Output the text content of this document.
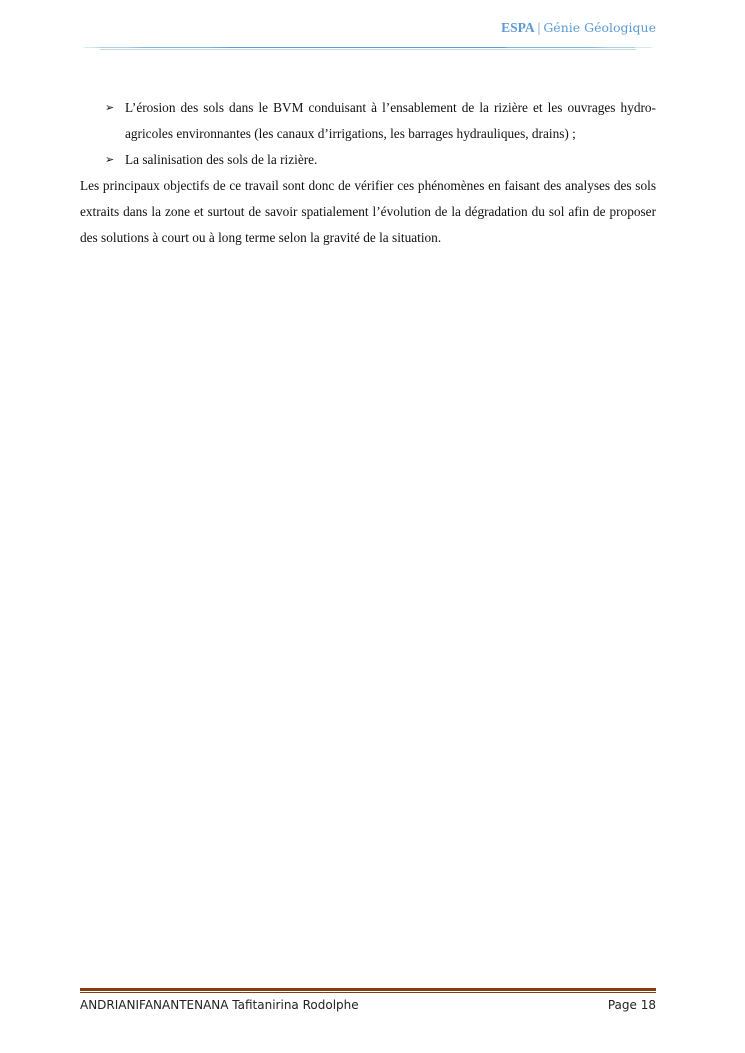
ESPA | Génie Géologique
➢ L’érosion des sols dans le BVM conduisant à l’ensablement de la rizière et les ouvrages hydro-agricoles environnantes (les canaux d’irrigations, les barrages hydrauliques, drains) ;
➢ La salinisation des sols de la rizière.

Les principaux objectifs de ce travail sont donc de vérifier ces phénomènes en faisant des analyses des sols extraits dans la zone et surtout de savoir spatialement l’évolution de la dégradation du sol afin de proposer des solutions à court ou à long terme selon la gravité de la situation.

ANDRIANIFANANTENANA Tafitanirina Rodolphe	Page 18
